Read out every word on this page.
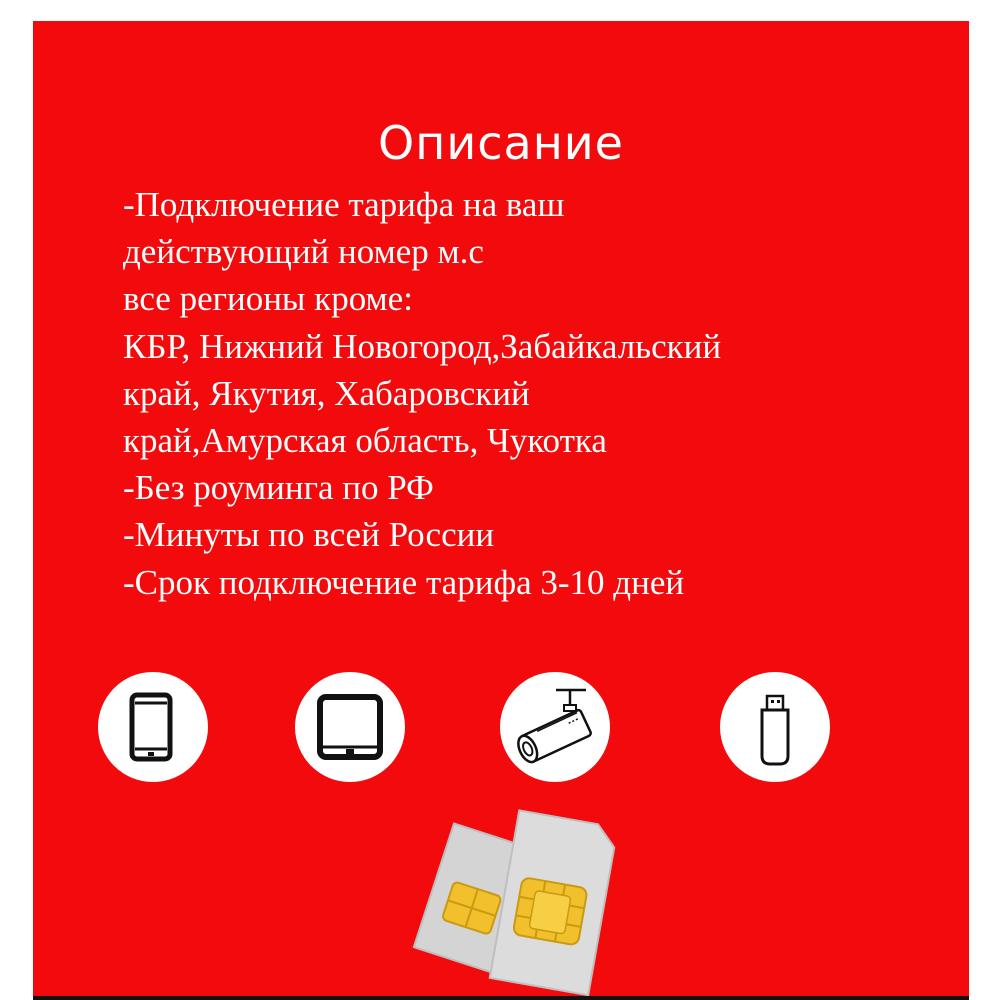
Описание
-Подключение тарифа на ваш
действующий номер м.с
все регионы кроме:
КБР, Нижний Новогород,Забайкальский
край, Якутия, Хабаровский
край,Амурская область, Чукотка
-Без роуминга по РФ
-Минуты по всей России
-Срок подключение тарифа 3-10 дней
